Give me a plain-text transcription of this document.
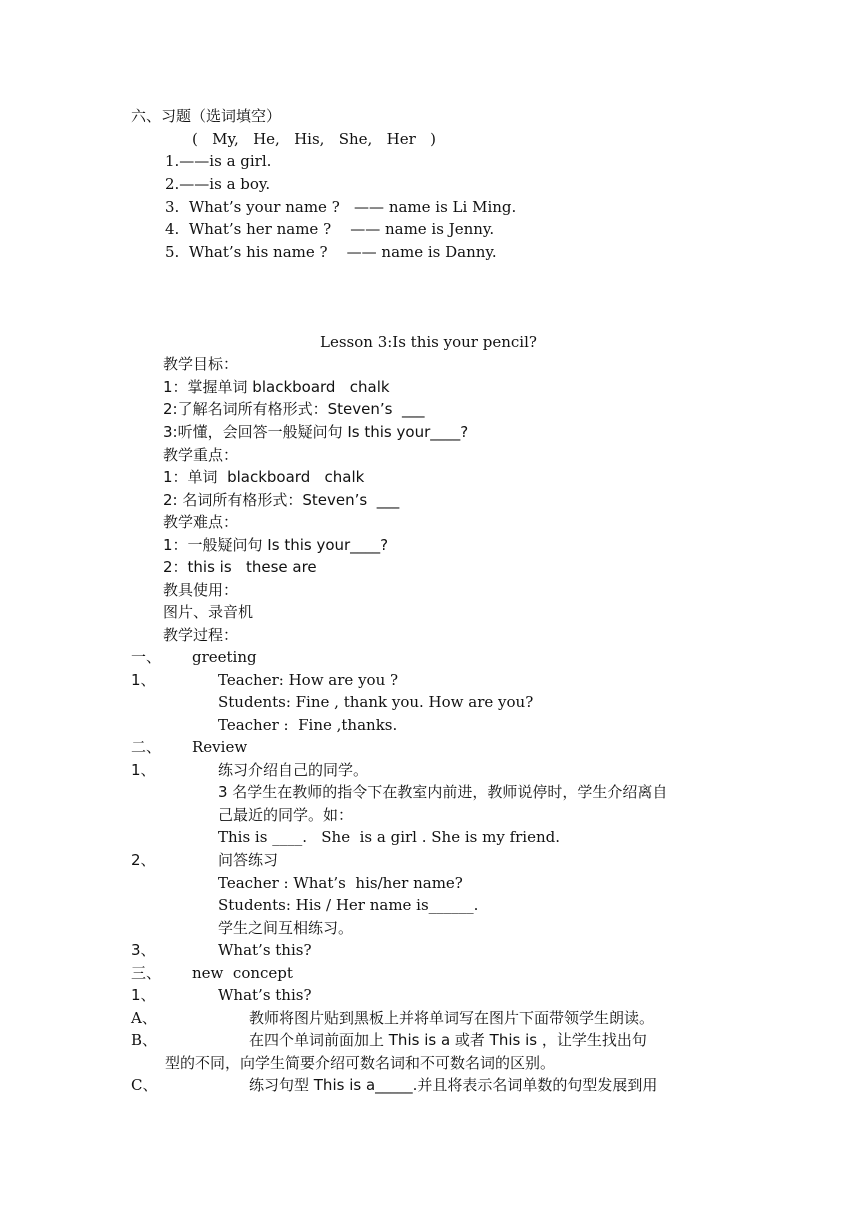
六、习题（选词填空）
(   My,   He,   His,   She,   Her   )
1.——is a girl.
2.——is a boy.
3.  What’s your name ?   —— name is Li Ming.
4.  What’s her name ?    —— name is Jenny.
5.  What’s his name ?    —— name is Danny.
Lesson 3:Is this your pencil?
教学目标：
1：掌握单词 blackboard   chalk
2:了解名词所有格形式：Steven’s  ___
3:听懂，会回答一般疑问句 Is this your____?
教学重点：
1：单词  blackboard   chalk
2: 名词所有格形式：Steven’s  ___
教学难点：
1：一般疑问句 Is this your____?
2：this is   these are
教具使用：
图片、录音机
教学过程：
一、 greeting
1、	Teacher: How are you ?
Students: Fine , thank you. How are you?
Teacher :  Fine ,thanks.
二、 Review
1、	练习介绍自己的同学。
3 名学生在教师的指令下在教室内前进，教师说停时，学生介绍离自
己最近的同学。如：
This is ____.   She  is a girl . She is my friend.
2、	问答练习
Teacher : What’s  his/her name?
Students: His / Her name is______.
学生之间互相练习。
3、	What’s this?
三、 new  concept
1、	What’s this?
A、	教师将图片贴到黑板上并将单词写在图片下面带领学生朗读。
B、	在四个单词前面加上 This is a 或者 This is ，让学生找出句
型的不同，向学生简要介绍可数名词和不可数名词的区别。
C、	练习句型 This is a_____.并且将表示名词单数的句型发展到用
